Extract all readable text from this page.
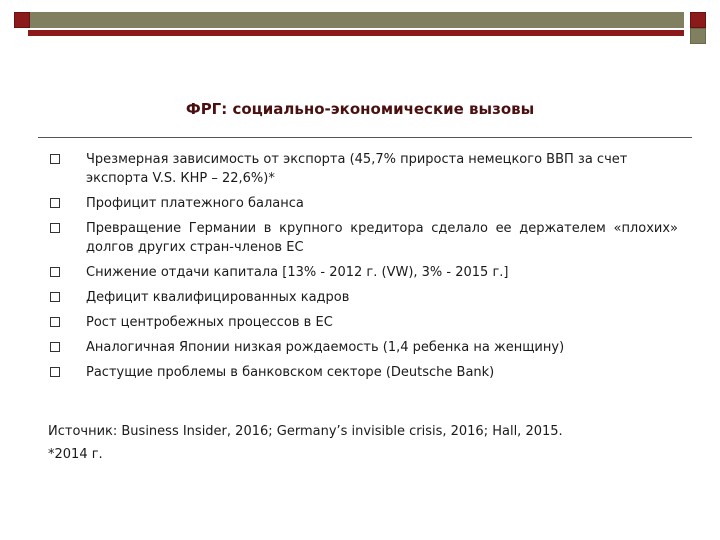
ФРГ: социально-экономические вызовы
Чрезмерная зависимость от экспорта (45,7% прироста немецкого ВВП за счет экспорта V.S. КНР – 22,6%)*
Профицит платежного баланса
Превращение Германии в крупного кредитора сделало ее держателем «плохих» долгов других стран-членов ЕС
Снижение отдачи капитала [13% - 2012 г. (VW), 3% - 2015 г.]
Дефицит квалифицированных кадров
Рост центробежных процессов в ЕС
Аналогичная Японии низкая рождаемость (1,4 ребенка на женщину)
Растущие проблемы в банковском секторе (Deutsche Bank)
Источник: Business Insider, 2016; Germany’s invisible crisis, 2016; Hall, 2015.
*2014 г.
